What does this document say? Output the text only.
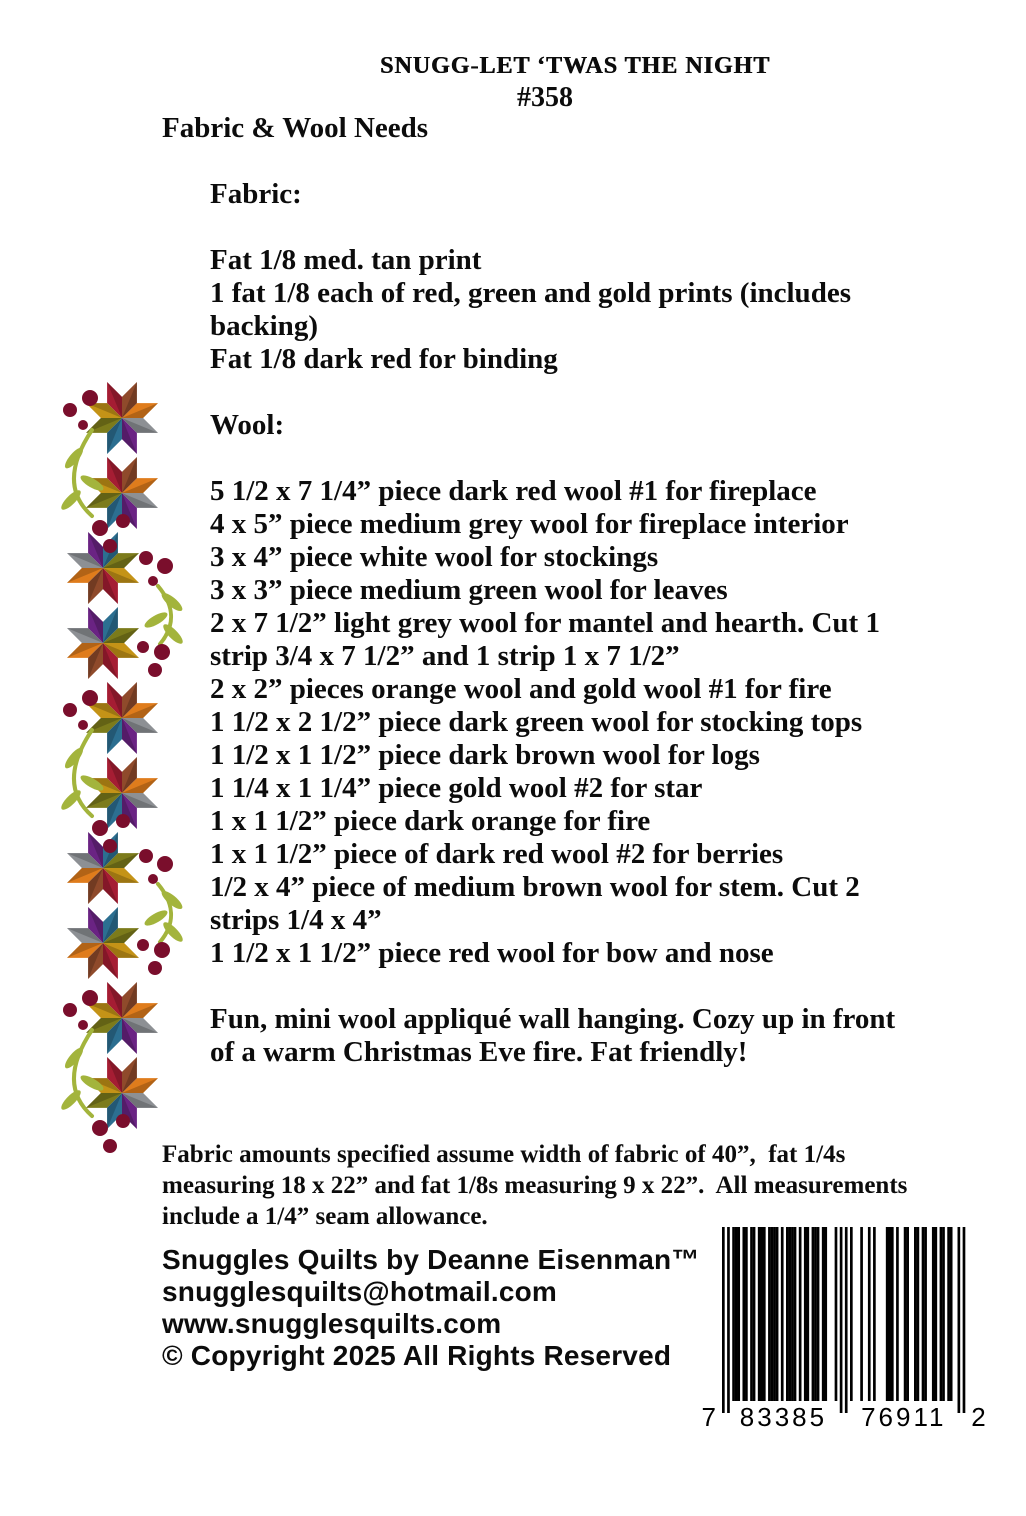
SNUGG-LET ‘TWAS THE NIGHT
#358
Fabric & Wool Needs
Fabric:
Fat 1/8 med. tan print
1 fat 1/8 each of red, green and gold prints (includes
backing)
Fat 1/8 dark red for binding
Wool:
5 1/2 x 7 1/4” piece dark red wool #1 for fireplace
4 x 5” piece medium grey wool for fireplace interior
3 x 4” piece white wool for stockings
3 x 3” piece medium green wool for leaves
2 x 7 1/2” light grey wool for mantel and hearth. Cut 1
strip 3/4 x 7 1/2” and 1 strip 1 x 7 1/2”
2 x 2” pieces orange wool and gold wool #1 for fire
1 1/2 x 2 1/2” piece dark green wool for stocking tops
1 1/2 x 1 1/2” piece dark brown wool for logs
1 1/4 x 1 1/4” piece gold wool #2 for star
1 x 1 1/2” piece dark orange for fire
1 x 1 1/2” piece of dark red wool #2 for berries
1/2 x 4” piece of medium brown wool for stem. Cut 2
strips 1/4 x 4”
1 1/2 x 1 1/2” piece red wool for bow and nose
Fun, mini wool appliqué wall hanging. Cozy up in front
of a warm Christmas Eve fire. Fat friendly!
Fabric amounts specified assume width of fabric of 40”,  fat 1/4s
measuring 18 x 22” and fat 1/8s measuring 9 x 22”.  All measurements
include a 1/4” seam allowance.
Snuggles Quilts by Deanne Eisenman™
snugglesquilts@hotmail.com
www.snugglesquilts.com
© Copyright 2025 All Rights Reserved
7 83385 76911 2
